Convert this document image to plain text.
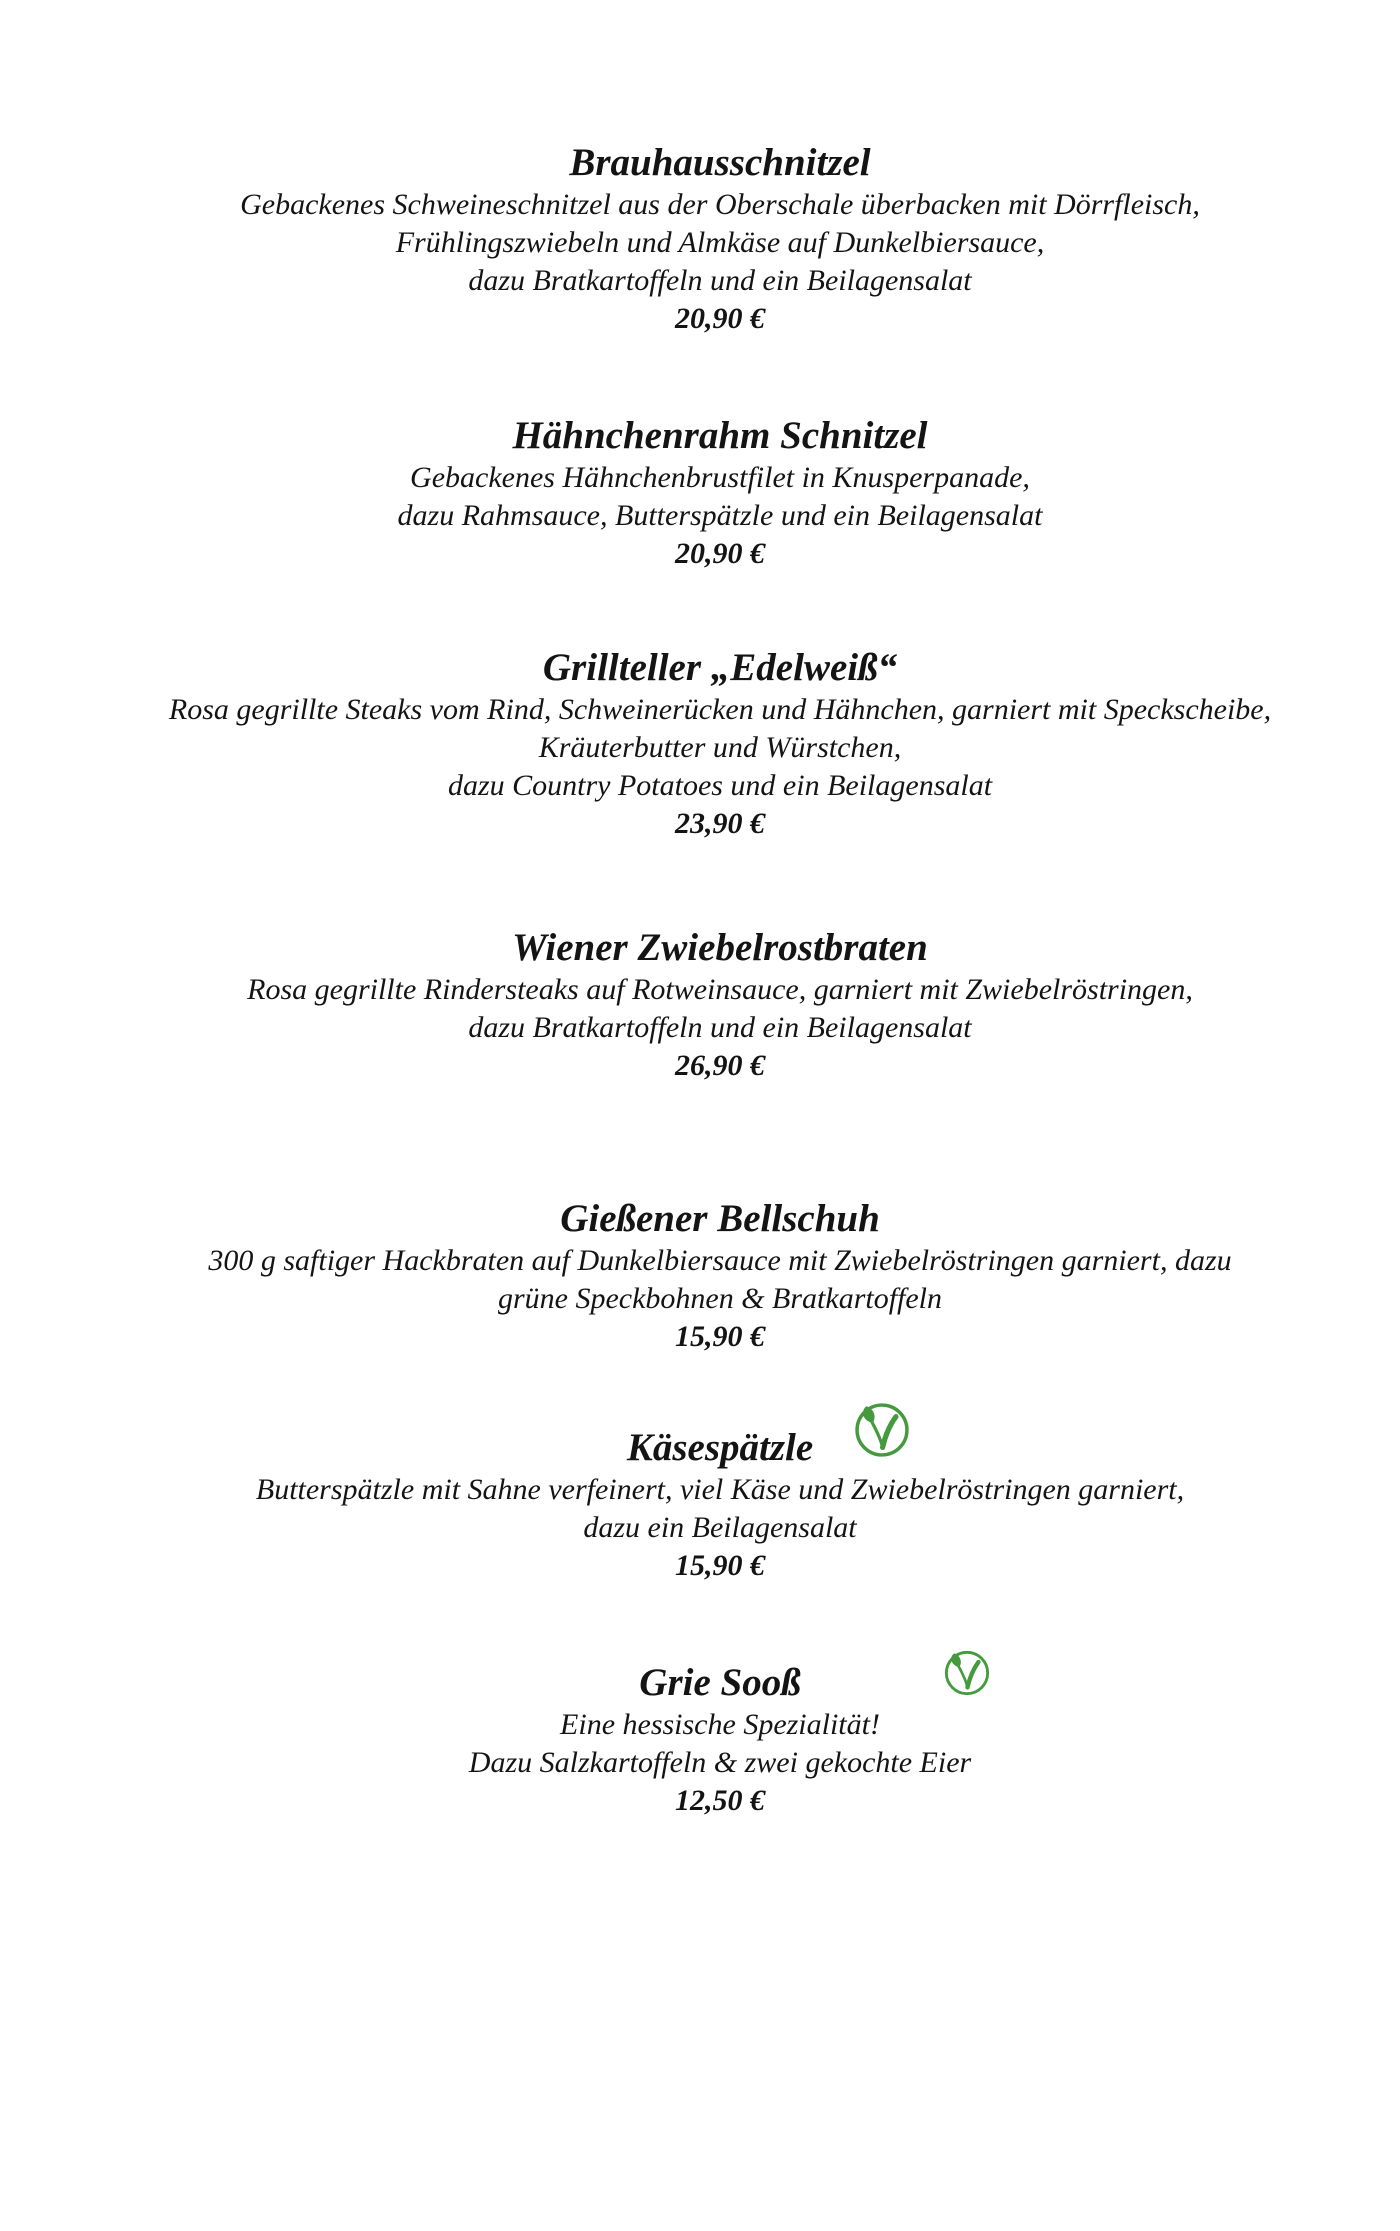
Brauhausschnitzel
Gebackenes Schweineschnitzel aus der Oberschale überbacken mit Dörrfleisch,
Frühlingszwiebeln und Almkäse auf Dunkelbiersauce,
dazu Bratkartoffeln und ein Beilagensalat
20,90 €
Hähnchenrahm Schnitzel
Gebackenes Hähnchenbrustfilet in Knusperpanade,
dazu Rahmsauce, Butterspätzle und ein Beilagensalat
20,90 €
Grillteller „Edelweiß“
Rosa gegrillte Steaks vom Rind, Schweinerücken und Hähnchen, garniert mit Speckscheibe,
Kräuterbutter und Würstchen,
dazu Country Potatoes und ein Beilagensalat
23,90 €
Wiener Zwiebelrostbraten
Rosa gegrillte Rindersteaks auf Rotweinsauce, garniert mit Zwiebelröstringen,
dazu Bratkartoffeln und ein Beilagensalat
26,90 €
Gießener Bellschuh
300 g saftiger Hackbraten auf Dunkelbiersauce mit Zwiebelröstringen garniert, dazu
grüne Speckbohnen & Bratkartoffeln
15,90 €
Käsespätzle
Butterspätzle mit Sahne verfeinert, viel Käse und Zwiebelröstringen garniert,
dazu ein Beilagensalat
15,90 €
Grie Sooß
Eine hessische Spezialität!
Dazu Salzkartoffeln & zwei gekochte Eier
12,50 €
